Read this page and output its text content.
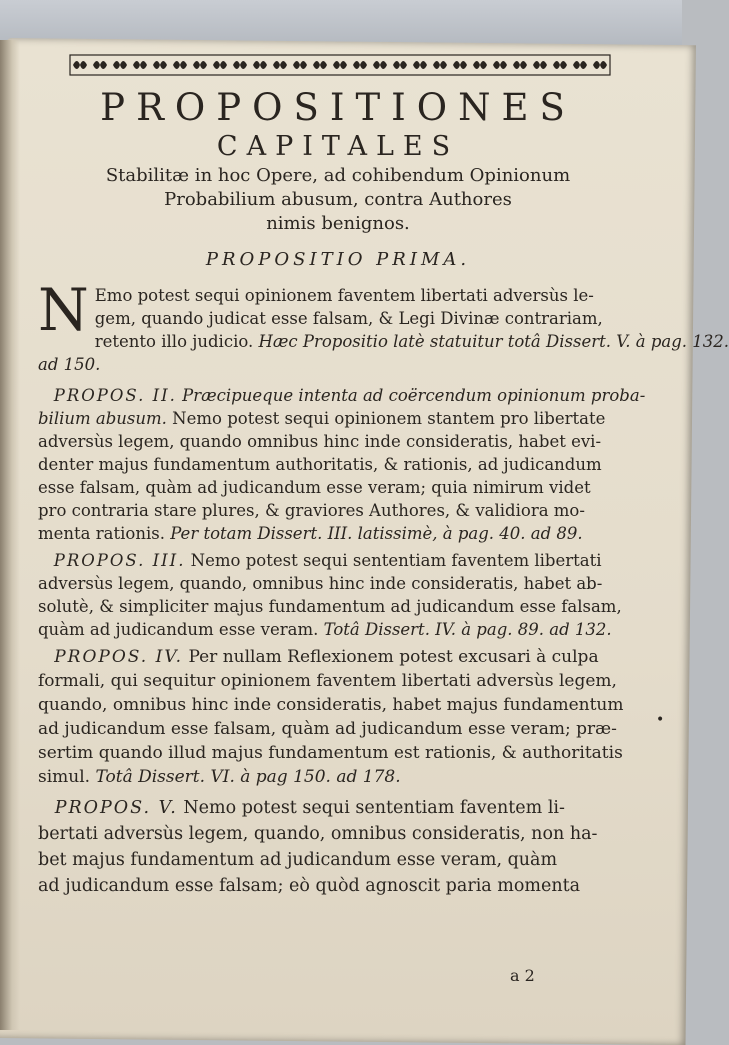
PROPOSITIONES
CAPITALES
Stabilitæ in hoc Opere, ad cohibendum Opinionum
Probabilium abusum, contra Authores
nimis benignos.
PROPOSITIO PRIMA.
N Emo potest sequi opinionem faventem libertati adversùs le-
gem, quando judicat esse falsam, & Legi Divinæ contrariam,
retento illo judicio. Hæc Propositio latè statuitur totâ Dissert. V. à pag. 132.
ad 150.
PROPOS. II. Præcipueque intenta ad coërcendum opinionum proba-
bilium abusum. Nemo potest sequi opinionem stantem pro libertate
adversùs legem, quando omnibus hinc inde consideratis, habet evi-
denter majus fundamentum authoritatis, & rationis, ad judicandum
esse falsam, quàm ad judicandum esse veram; quia nimirum videt
pro contraria stare plures, & graviores Authores, & validiora mo-
menta rationis. Per totam Dissert. III. latissimè, à pag. 40. ad 89.
PROPOS. III. Nemo potest sequi sententiam faventem libertati
adversùs legem, quando, omnibus hinc inde consideratis, habet ab-
solutè, & simpliciter majus fundamentum ad judicandum esse falsam,
quàm ad judicandum esse veram. Totâ Dissert. IV. à pag. 89. ad 132.
PROPOS. IV. Per nullam Reflexionem potest excusari à culpa
formali, qui sequitur opinionem faventem libertati adversùs legem,
quando, omnibus hinc inde consideratis, habet majus fundamentum
ad judicandum esse falsam, quàm ad judicandum esse veram; præ-
sertim quando illud majus fundamentum est rationis, & authoritatis
simul. Totâ Dissert. VI. à pag 150. ad 178.
PROPOS. V. Nemo potest sequi sententiam faventem li-
bertati adversùs legem, quando, omnibus consideratis, non ha-
bet majus fundamentum ad judicandum esse veram, quàm
ad judicandum esse falsam; eò quòd agnoscit paria momenta
•
a 2
